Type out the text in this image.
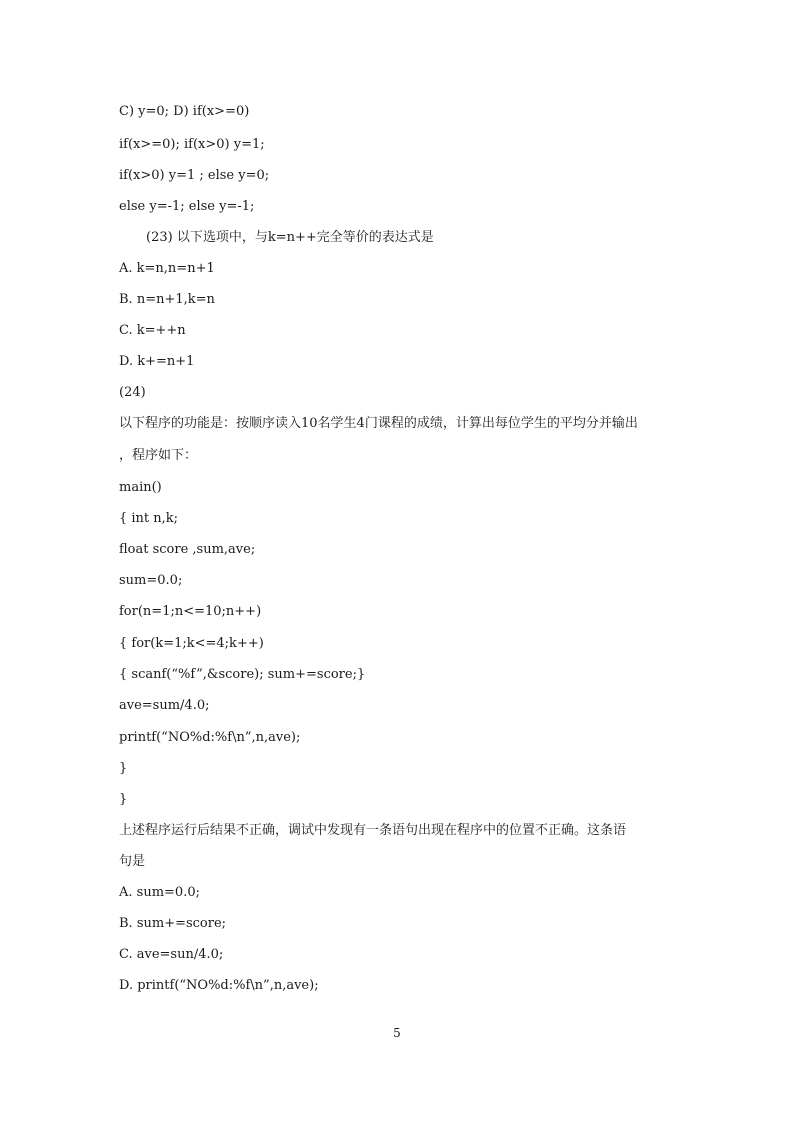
C) y=0; D) if(x>=0)
if(x>=0); if(x>0) y=1;
if(x>0) y=1 ; else y=0;
else y=-1; else y=-1;
(23) 以下选项中，与k=n++完全等价的表达式是
A. k=n,n=n+1
B. n=n+1,k=n
C. k=++n
D. k+=n+1
(24)
以下程序的功能是：按顺序读入10名学生4门课程的成绩，计算出每位学生的平均分并输出
，程序如下：
main()
{ int n,k;
float score ,sum,ave;
sum=0.0;
for(n=1;n<=10;n++)
{ for(k=1;k<=4;k++)
{ scanf(“%f”,&score); sum+=score;}
ave=sum/4.0;
printf(“NO%d:%f\n”,n,ave);
}
}
上述程序运行后结果不正确，调试中发现有一条语句出现在程序中的位置不正确。这条语
句是
A. sum=0.0;
B. sum+=score;
C. ave=sun/4.0;
D. printf(“NO%d:%f\n”,n,ave);
5
